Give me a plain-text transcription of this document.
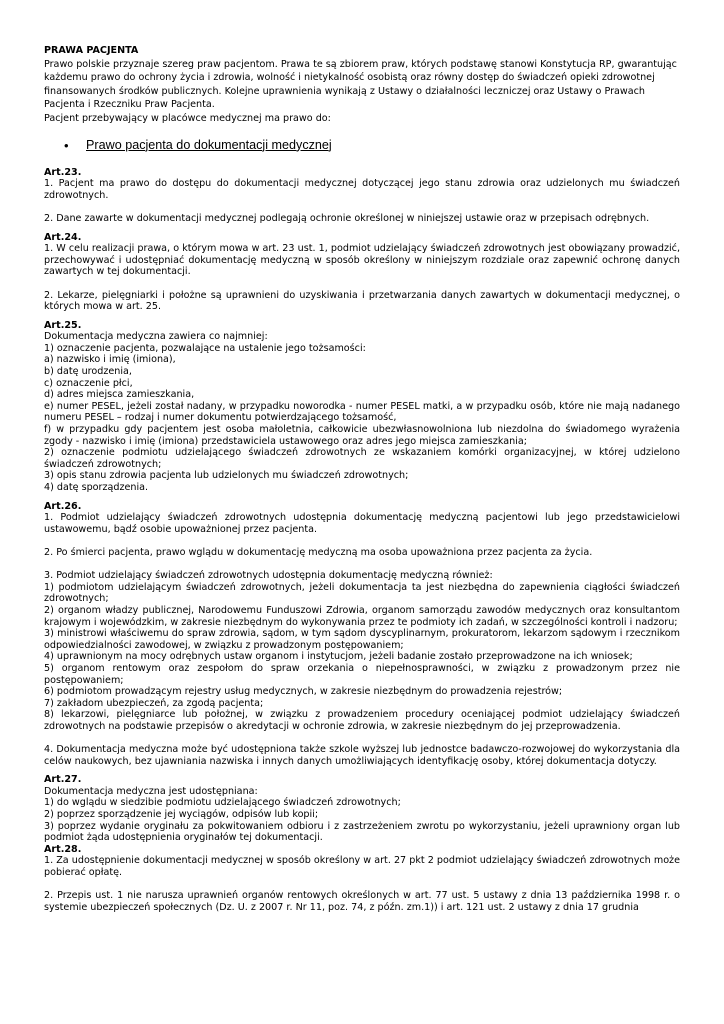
PRAWA PACJENTA

Prawo polskie przyznaje szereg praw pacjentom. Prawa te są zbiorem praw, których podstawę stanowi Konstytucja RP, gwarantując każdemu prawo do ochrony życia i zdrowia, wolność i nietykalność osobistą oraz równy dostęp do świadczeń opieki zdrowotnej finansowanych środków publicznych. Kolejne uprawnienia wynikają z Ustawy o działalności leczniczej oraz Ustawy o Prawach Pacjenta i Rzeczniku Praw Pacjenta.

Pacjent przebywający w placówce medycznej ma prawo do:

•	Prawo pacjenta do dokumentacji medycznej

Art.23.

1. Pacjent ma prawo do dostępu do dokumentacji medycznej dotyczącej jego stanu zdrowia oraz udzielonych mu świadczeń zdrowotnych.

2. Dane zawarte w dokumentacji medycznej podlegają ochronie określonej w niniejszej ustawie oraz w przepisach odrębnych.

Art.24.

1. W celu realizacji prawa, o którym mowa w art. 23 ust. 1, podmiot udzielający świadczeń zdrowotnych jest obowiązany prowadzić, przechowywać i udostępniać dokumentację medyczną w sposób określony w niniejszym rozdziale oraz zapewnić ochronę danych zawartych w tej dokumentacji.

2. Lekarze, pielęgniarki i położne są uprawnieni do uzyskiwania i przetwarzania danych zawartych w dokumentacji medycznej, o których mowa w art. 25.

Art.25.

Dokumentacja medyczna zawiera co najmniej:

1) oznaczenie pacjenta, pozwalające na ustalenie jego tożsamości:

a) nazwisko i imię (imiona),

b) datę urodzenia,

c) oznaczenie płci,

d) adres miejsca zamieszkania,

e) numer PESEL, jeżeli został nadany, w przypadku noworodka - numer PESEL matki, a w przypadku osób, które nie mają nadanego numeru PESEL – rodzaj i numer dokumentu potwierdzającego tożsamość,

f) w przypadku gdy pacjentem jest osoba małoletnia, całkowicie ubezwłasnowolniona lub niezdolna do świadomego wyrażenia zgody - nazwisko i imię (imiona) przedstawiciela ustawowego oraz adres jego miejsca zamieszkania;

2) oznaczenie podmiotu udzielającego świadczeń zdrowotnych ze wskazaniem komórki organizacyjnej, w której udzielono świadczeń zdrowotnych;

3) opis stanu zdrowia pacjenta lub udzielonych mu świadczeń zdrowotnych;

4) datę sporządzenia.

Art.26.

1. Podmiot udzielający świadczeń zdrowotnych udostępnia dokumentację medyczną pacjentowi lub jego przedstawicielowi ustawowemu, bądź osobie upoważnionej przez pacjenta.

2. Po śmierci pacjenta, prawo wglądu w dokumentację medyczną ma osoba upoważniona przez pacjenta za życia.

3. Podmiot udzielający świadczeń zdrowotnych udostępnia dokumentację medyczną również:

1) podmiotom udzielającym świadczeń zdrowotnych, jeżeli dokumentacja ta jest niezbędna do zapewnienia ciągłości świadczeń zdrowotnych;

2) organom władzy publicznej, Narodowemu Funduszowi Zdrowia, organom samorządu zawodów medycznych oraz konsultantom krajowym i wojewódzkim, w zakresie niezbędnym do wykonywania przez te podmioty ich zadań, w szczególności kontroli i nadzoru;

3) ministrowi właściwemu do spraw zdrowia, sądom, w tym sądom dyscyplinarnym, prokuratorom, lekarzom sądowym i rzecznikom odpowiedzialności zawodowej, w związku z prowadzonym postępowaniem;

4) uprawnionym na mocy odrębnych ustaw organom i instytucjom, jeżeli badanie zostało przeprowadzone na ich wniosek;

5) organom rentowym oraz zespołom do spraw orzekania o niepełnosprawności, w związku z prowadzonym przez nie postępowaniem;

6) podmiotom prowadzącym rejestry usług medycznych, w zakresie niezbędnym do prowadzenia rejestrów;

7) zakładom ubezpieczeń, za zgodą pacjenta;

8) lekarzowi, pielęgniarce lub położnej, w związku z prowadzeniem procedury oceniającej podmiot udzielający świadczeń zdrowotnych na podstawie przepisów o akredytacji w ochronie zdrowia, w zakresie niezbędnym do jej przeprowadzenia.

4. Dokumentacja medyczna może być udostępniona także szkole wyższej lub jednostce badawczo-rozwojowej do wykorzystania dla celów naukowych, bez ujawniania nazwiska i innych danych umożliwiających identyfikację osoby, której dokumentacja dotyczy.

Art.27.

Dokumentacja medyczna jest udostępniana:

1) do wglądu w siedzibie podmiotu udzielającego świadczeń zdrowotnych;

2) poprzez sporządzenie jej wyciągów, odpisów lub kopii;

3) poprzez wydanie oryginału za pokwitowaniem odbioru i z zastrzeżeniem zwrotu po wykorzystaniu, jeżeli uprawniony organ lub podmiot żąda udostępnienia oryginałów tej dokumentacji.

Art.28.

1. Za udostępnienie dokumentacji medycznej w sposób określony w art. 27 pkt 2 podmiot udzielający świadczeń zdrowotnych może pobierać opłatę.

2. Przepis ust. 1 nie narusza uprawnień organów rentowych określonych w art. 77 ust. 5 ustawy z dnia 13 października 1998 r. o systemie ubezpieczeń społecznych (Dz. U. z 2007 r. Nr 11, poz. 74, z późn. zm.1)) i art. 121 ust. 2 ustawy z dnia 17 grudnia
